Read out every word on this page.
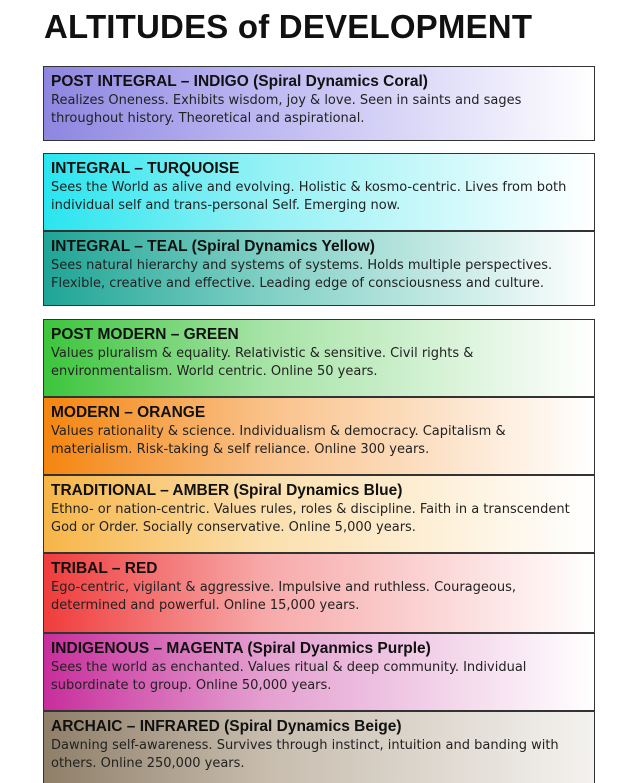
ALTITUDES of DEVELOPMENT
POST INTEGRAL – INDIGO (Spiral Dynamics Coral)

Realizes Oneness. Exhibits wisdom, joy & love. Seen in saints and sages throughout history. Theoretical and aspirational.

INTEGRAL – TURQUOISE

Sees the World as alive and evolving. Holistic & kosmo-centric. Lives from both individual self and trans-personal Self. Emerging now.

INTEGRAL – TEAL (Spiral Dynamics Yellow)

Sees natural hierarchy and systems of systems. Holds multiple perspectives. Flexible, creative and effective. Leading edge of consciousness and culture.

POST MODERN – GREEN

Values pluralism & equality. Relativistic & sensitive. Civil rights & environmentalism. World centric. Online 50 years.

MODERN – ORANGE

Values rationality & science. Individualism & democracy. Capitalism & materialism. Risk-taking & self reliance. Online 300 years.

TRADITIONAL – AMBER (Spiral Dynamics Blue)

Ethno- or nation-centric. Values rules, roles & discipline. Faith in a transcendent God or Order. Socially conservative. Online 5,000 years.

TRIBAL – RED

Ego-centric, vigilant & aggressive. Impulsive and ruthless. Courageous, determined and powerful. Online 15,000 years.

INDIGENOUS – MAGENTA (Spiral Dyanmics Purple)

Sees the world as enchanted. Values ritual & deep community. Individual subordinate to group. Online 50,000 years.

ARCHAIC – INFRARED (Spiral Dynamics Beige)

Dawning self-awareness. Survives through instinct, intuition and banding with others. Online 250,000 years.
